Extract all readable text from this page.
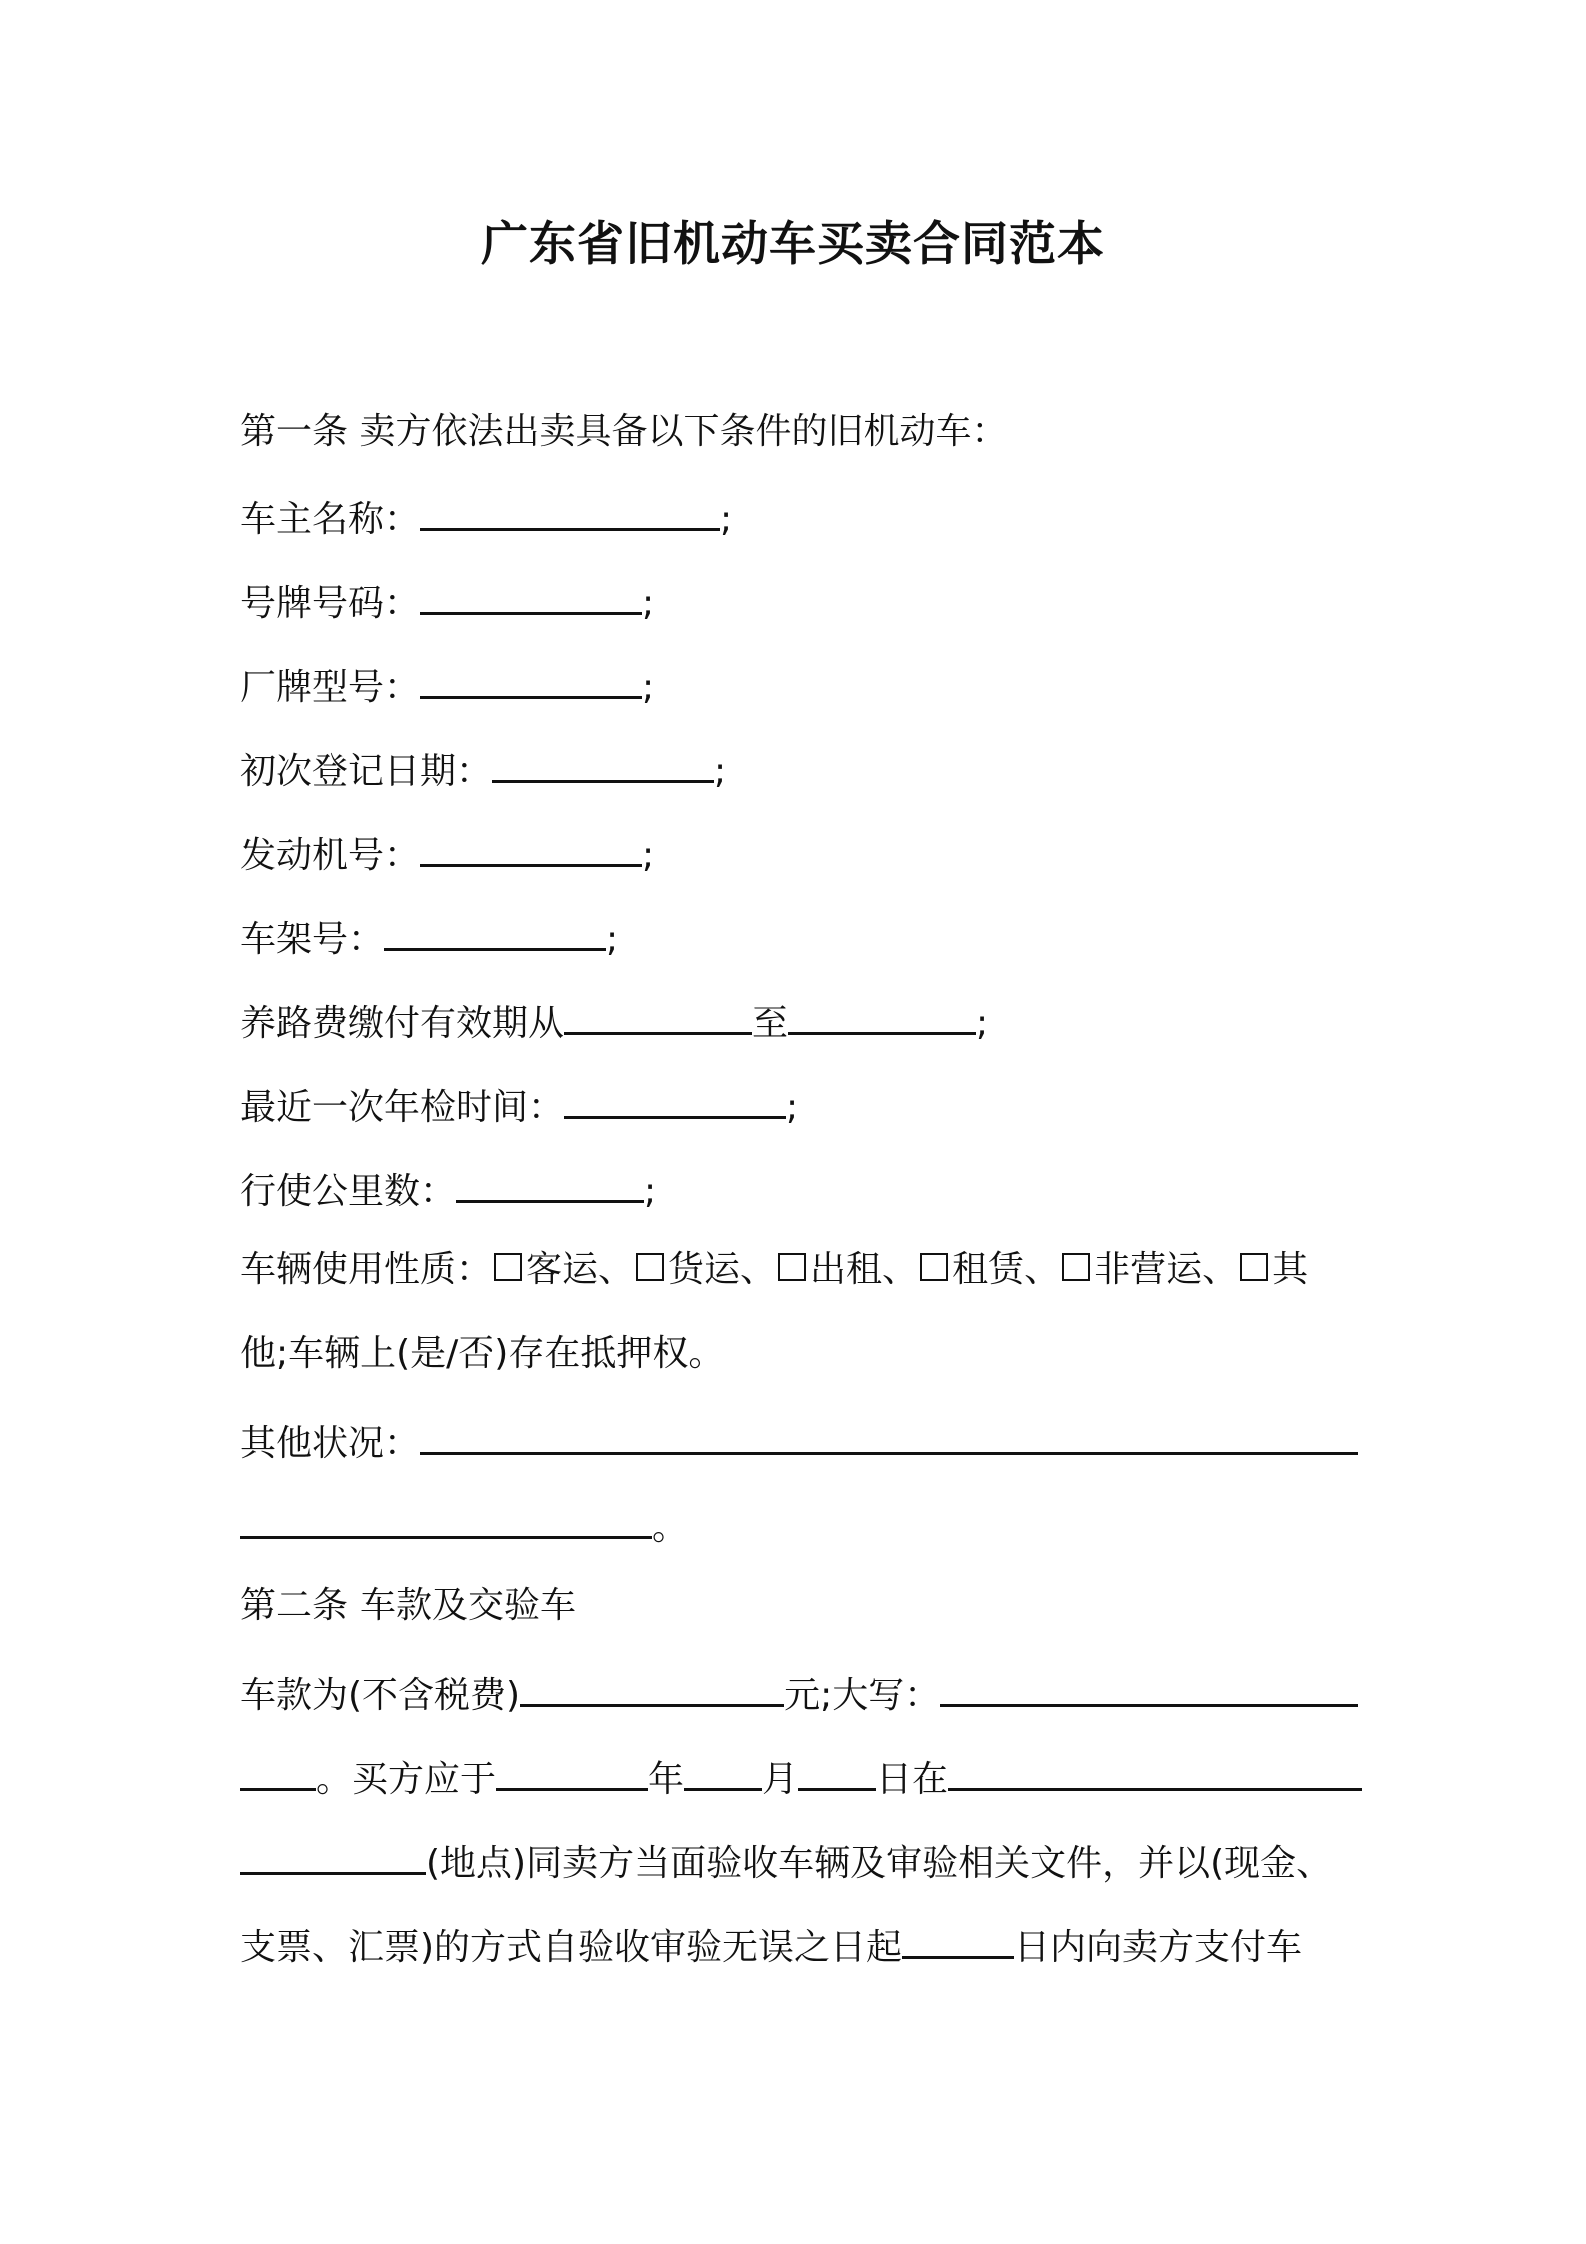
广东省旧机动车买卖合同范本
第一条 卖方依法出卖具备以下条件的旧机动车：
车主名称：	;
号牌号码：	;
厂牌型号：	;
初次登记日期：	;
发动机号：	;
车架号：	;
养路费缴付有效期从	至	;
最近一次年检时间：	;
行使公里数：	;
车辆使用性质： 客运、 货运、 出租、 租赁、 非营运、 其
他;车辆上(是/否)存在抵押权。
其他状况：
。
第二条 车款及交验车
车款为(不含税费)	元;大写：
。买方应于	年 月 日在
(地点)同卖方当面验收车辆及审验相关文件，并以(现金、
支票、汇票)的方式自验收审验无误之日起	日内向卖方支付车
